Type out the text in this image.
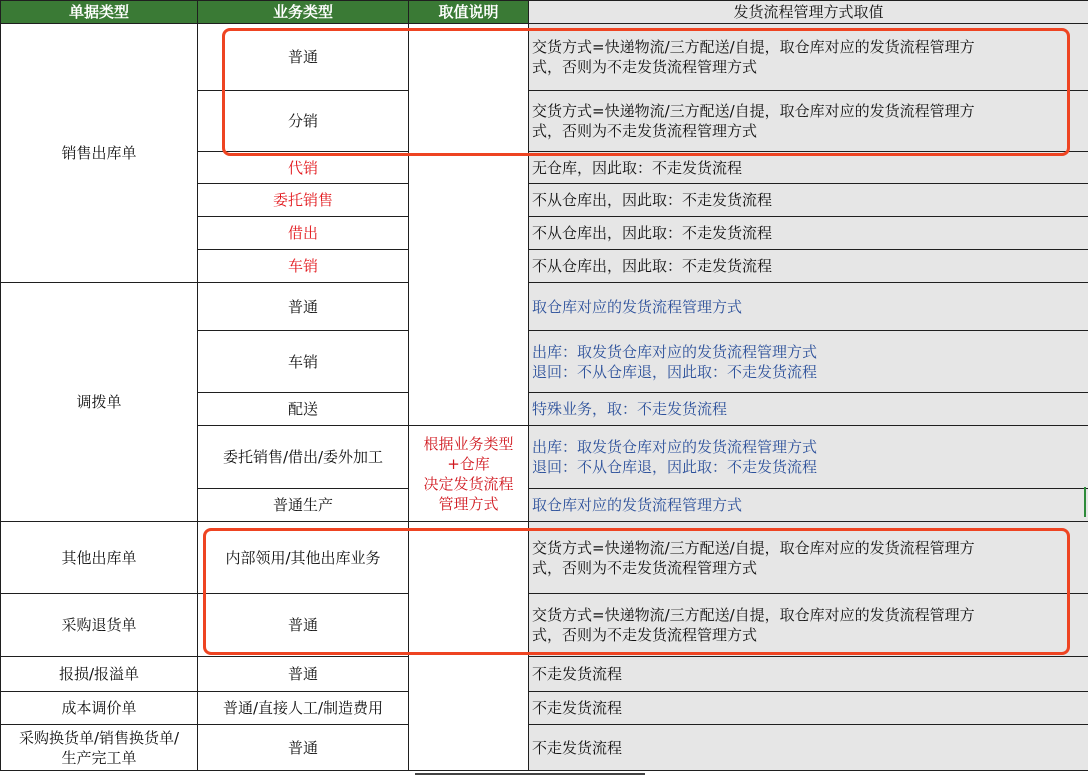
单据类型	业务类型	取值说明	发货流程管理方式取值
销售出库单	普通		交货方式=快递物流/三方配送/自提，取仓库对应的发货流程管理方
式，否则为不走发货流程管理方式
	分销		交货方式=快递物流/三方配送/自提，取仓库对应的发货流程管理方
式，否则为不走发货流程管理方式
	代销		无仓库，因此取：不走发货流程
	委托销售		不从仓库出，因此取：不走发货流程
	借出		不从仓库出，因此取：不走发货流程
	车销		不从仓库出，因此取：不走发货流程
调拨单	普通		取仓库对应的发货流程管理方式
	车销		出库：取发货仓库对应的发货流程管理方式
退回：不从仓库退，因此取：不走发货流程
	配送		特殊业务，取：不走发货流程
	委托销售/借出/委外加工	根据业务类型
+仓库
决定发货流程
管理方式	出库：取发货仓库对应的发货流程管理方式
退回：不从仓库退，因此取：不走发货流程
	普通生产		取仓库对应的发货流程管理方式
其他出库单	内部领用/其他出库业务		交货方式=快递物流/三方配送/自提，取仓库对应的发货流程管理方
式，否则为不走发货流程管理方式
采购退货单	普通		交货方式=快递物流/三方配送/自提，取仓库对应的发货流程管理方
式，否则为不走发货流程管理方式
报损/报溢单	普通		不走发货流程
成本调价单	普通/直接人工/制造费用		不走发货流程
采购换货单/销售换货单/
生产完工单	普通		不走发货流程
